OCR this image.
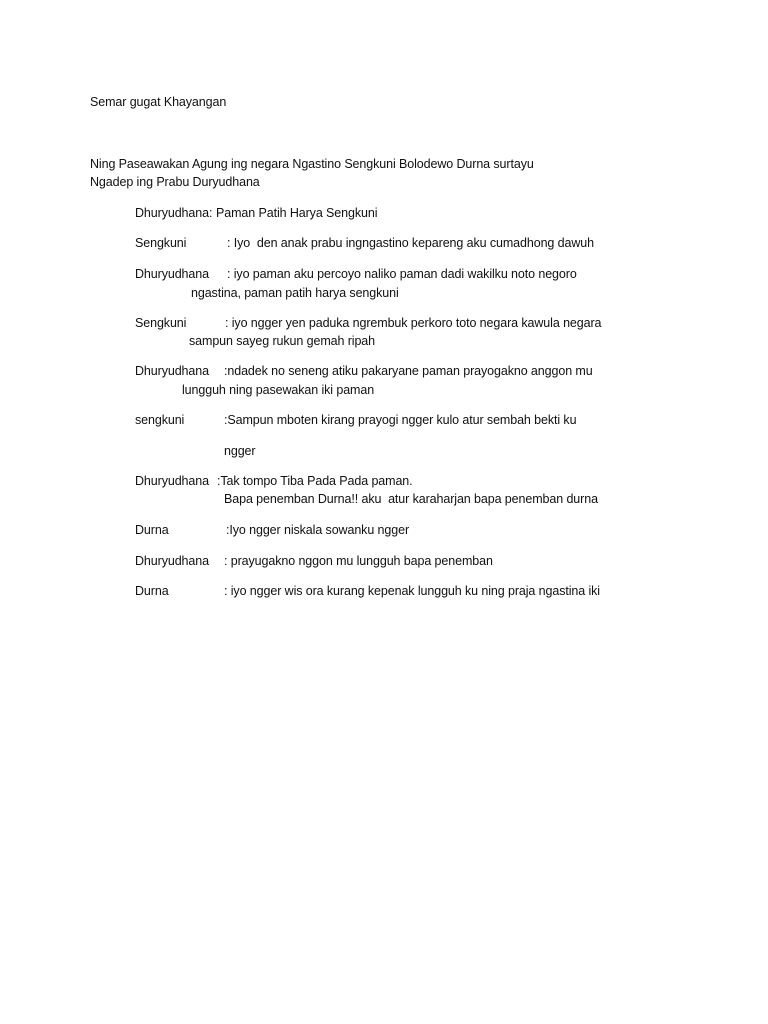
Semar gugat Khayangan
Ning Paseawakan Agung ing negara Ngastino Sengkuni Bolodewo Durna surtayu
Ngadep ing Prabu Duryudhana
Dhuryudhana: Paman Patih Harya Sengkuni
Sengkuni	: Iyo  den anak prabu ingngastino kepareng aku cumadhong dawuh
Dhuryudhana : iyo paman aku percoyo naliko paman dadi wakilku noto negoro
ngastina, paman patih harya sengkuni
Sengkuni	: iyo ngger yen paduka ngrembuk perkoro toto negara kawula negara
sampun sayeg rukun gemah ripah
Dhuryudhana :ndadek no seneng atiku pakaryane paman prayogakno anggon mu
lungguh ning pasewakan iki paman
sengkuni	:Sampun mboten kirang prayogi ngger kulo atur sembah bekti ku
ngger
Dhuryudhana :Tak tompo Tiba Pada Pada paman.
Bapa penemban Durna!! aku  atur karaharjan bapa penemban durna
Durna	:Iyo ngger niskala sowanku ngger
Dhuryudhana : prayugakno nggon mu lungguh bapa penemban
Durna	: iyo ngger wis ora kurang kepenak lungguh ku ning praja ngastina iki
